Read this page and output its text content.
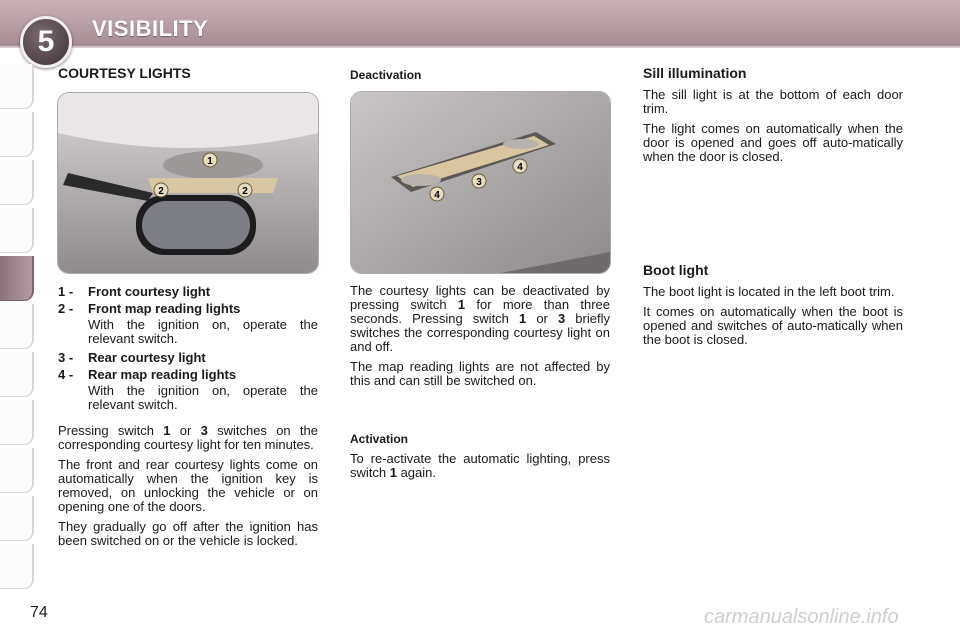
5 VISIBILITY
COURTESY LIGHTS
1
2	2
1 -	Front courtesy light
2 -	Front map reading lights
With the ignition on, operate the relevant switch.
3 -	Rear courtesy light
4 -	Rear map reading lights
With the ignition on, operate the relevant switch.

Pressing switch 1 or 3 switches on the corresponding courtesy light for ten minutes.

The front and rear courtesy lights come on automatically when the ignition key is removed, on unlocking the vehicle or on opening one of the doors.

They gradually go off after the ignition has been switched on or the vehicle is locked.

Deactivation
4
3
4

The courtesy lights can be deactivated by pressing switch 1 for more than three seconds. Pressing switch 1 or 3 briefly switches the corresponding courtesy light on and off.

The map reading lights are not affected by this and can still be switched on.

Activation

To re-activate the automatic lighting, press switch 1 again.

Sill illumination

The sill light is at the bottom of each door trim.

The light comes on automatically when the door is opened and goes off auto-matically when the door is closed.

Boot light

The boot light is located in the left boot trim.

It comes on automatically when the boot is opened and switches of auto-matically when the boot is closed.

74	carmanualsonline.info
